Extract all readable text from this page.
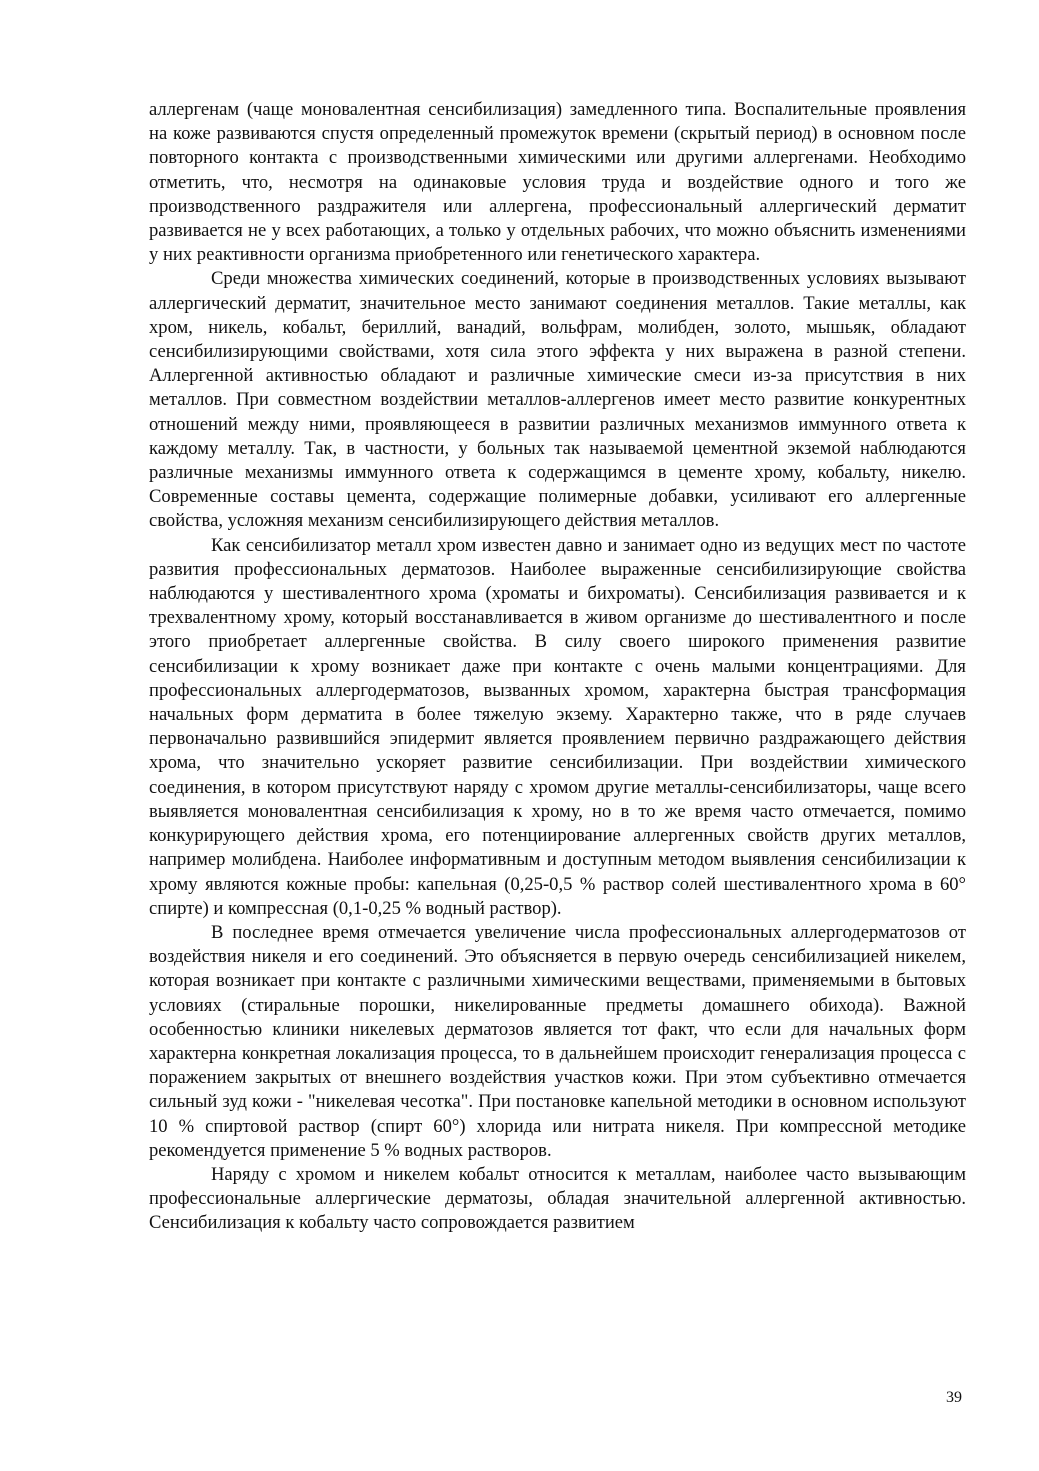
аллергенам (чаще моновалентная сенсибилизация) замедленного типа. Воспалительные проявления на коже развиваются спустя определенный промежуток времени (скрытый период) в основном после повторного контакта с производственными химическими или другими аллергенами. Необходимо отметить, что, несмотря на одинаковые условия труда и воздействие одного и того же производственного раздражителя или аллергена, профессиональный аллергический дерматит развивается не у всех работающих, а только у отдельных рабочих, что можно объяснить изменениями у них реактивности организма приобретенного или генетического характера.

Среди множества химических соединений, которые в производственных условиях вызывают аллергический дерматит, значительное место занимают соединения металлов. Такие металлы, как хром, никель, кобальт, бериллий, ванадий, вольфрам, молибден, золото, мышьяк, обладают сенсибилизирующими свойствами, хотя сила этого эффекта у них выражена в разной степени. Аллергенной активностью обладают и различные химические смеси из-за присутствия в них металлов. При совместном воздействии металлов-аллергенов имеет место развитие конкурентных отношений между ними, проявляющееся в развитии различных механизмов иммунного ответа к каждому металлу. Так, в частности, у больных так называемой цементной экземой наблюдаются различные механизмы иммунного ответа к содержащимся в цементе хрому, кобальту, никелю. Современные составы цемента, содержащие полимерные добавки, усиливают его аллергенные свойства, усложняя механизм сенсибилизирующего действия металлов.

Как сенсибилизатор металл хром известен давно и занимает одно из ведущих мест по частоте развития профессиональных дерматозов. Наиболее выраженные сенсибилизирующие свойства наблюдаются у шестивалентного хрома (хроматы и бихроматы). Сенсибилизация развивается и к трехвалентному хрому, который восстанавливается в живом организме до шестивалентного и после этого приобретает аллергенные свойства. В силу своего широкого применения развитие сенсибилизации к хрому возникает даже при контакте с очень малыми концентрациями. Для профессиональных аллергодерматозов, вызванных хромом, характерна быстрая трансформация начальных форм дерматита в более тяжелую экзему. Характерно также, что в ряде случаев первоначально развившийся эпидермит является проявлением первично раздражающего действия хрома, что значительно ускоряет развитие сенсибилизации. При воздействии химического соединения, в котором присутствуют наряду с хромом другие металлы-сенсибилизаторы, чаще всего выявляется моновалентная сенсибилизация к хрому, но в то же время часто отмечается, помимо конкурирующего действия хрома, его потенциирование аллергенных свойств других металлов, например молибдена. Наиболее информативным и доступным методом выявления сенсибилизации к хрому являются кожные пробы: капельная (0,25-0,5 % раствор солей шестивалентного хрома в 60° спирте) и компрессная (0,1-0,25 % водный раствор).

В последнее время отмечается увеличение числа профессиональных аллергодерматозов от воздействия никеля и его соединений. Это объясняется в первую очередь сенсибилизацией никелем, которая возникает при контакте с различными химическими веществами, применяемыми в бытовых условиях (стиральные порошки, никелированные предметы домашнего обихода). Важной особенностью клиники никелевых дерматозов является тот факт, что если для начальных форм характерна конкретная локализация процесса, то в дальнейшем происходит генерализация процесса с поражением закрытых от внешнего воздействия участков кожи. При этом субъективно отмечается сильный зуд кожи - "никелевая чесотка". При постановке капельной методики в основном используют 10 % спиртовой раствор (спирт 60°) хлорида или нитрата никеля. При компрессной методике рекомендуется применение 5 % водных растворов.

Наряду с хромом и никелем кобальт относится к металлам, наиболее часто вызывающим профессиональные аллергические дерматозы, обладая значительной аллергенной активностью. Сенсибилизация к кобальту часто сопровождается развитием

39
